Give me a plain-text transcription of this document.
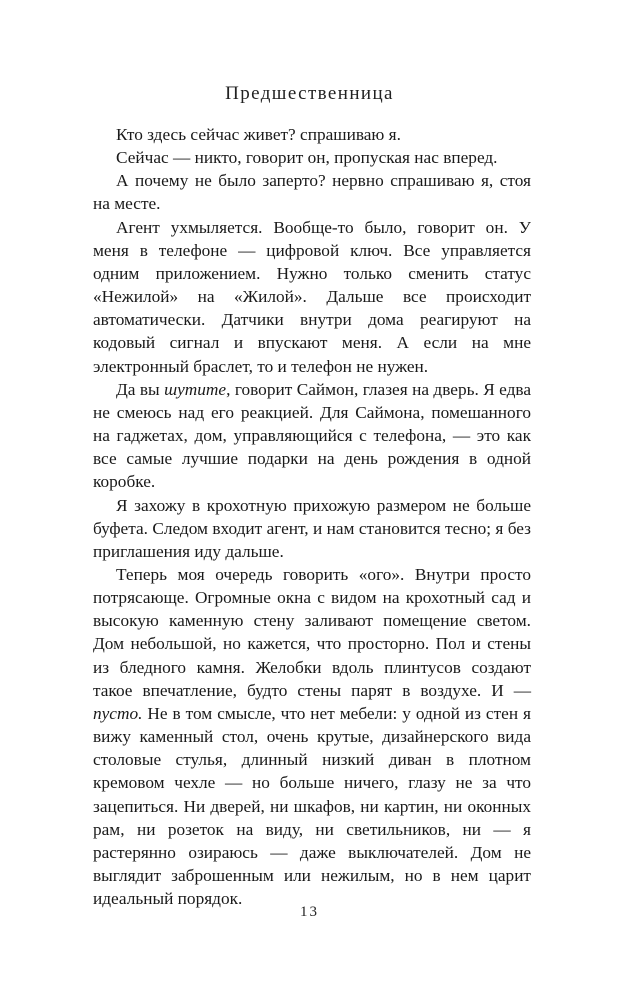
Предшественница

Кто здесь сейчас живет? спрашиваю я.

Сейчас — никто, говорит он, пропуская нас вперед.

А почему не было заперто? нервно спрашиваю я, стоя на месте.

Агент ухмыляется. Вообще-то было, говорит он. У меня в телефоне — цифровой ключ. Все управляется одним приложением. Нужно только сменить статус «Нежилой» на «Жилой». Дальше все происходит автоматически. Датчики внутри дома реагируют на кодовый сигнал и впускают меня. А если на мне электронный браслет, то и телефон не нужен.

Да вы шутите, говорит Саймон, глазея на дверь. Я едва не смеюсь над его реакцией. Для Саймона, помешанного на гаджетах, дом, управляющийся с телефона, — это как все самые лучшие подарки на день рождения в одной коробке.

Я захожу в крохотную прихожую размером не больше буфета. Следом входит агент, и нам становится тесно; я без приглашения иду дальше.

Теперь моя очередь говорить «ого». Внутри просто потрясающе. Огромные окна с видом на крохотный сад и высокую каменную стену заливают помещение светом. Дом небольшой, но кажется, что просторно. Пол и стены из бледного камня. Желобки вдоль плинтусов создают такое впечатление, будто стены парят в воздухе. И — пусто. Не в том смысле, что нет мебели: у одной из стен я вижу каменный стол, очень крутые, дизайнерского вида столовые стулья, длинный низкий диван в плотном кремовом чехле — но больше ничего, глазу не за что зацепиться. Ни дверей, ни шкафов, ни картин, ни оконных рам, ни розеток на виду, ни светильников, ни — я растерянно озираюсь — даже выключателей. Дом не выглядит заброшенным или нежилым, но в нем царит идеальный порядок.

13
